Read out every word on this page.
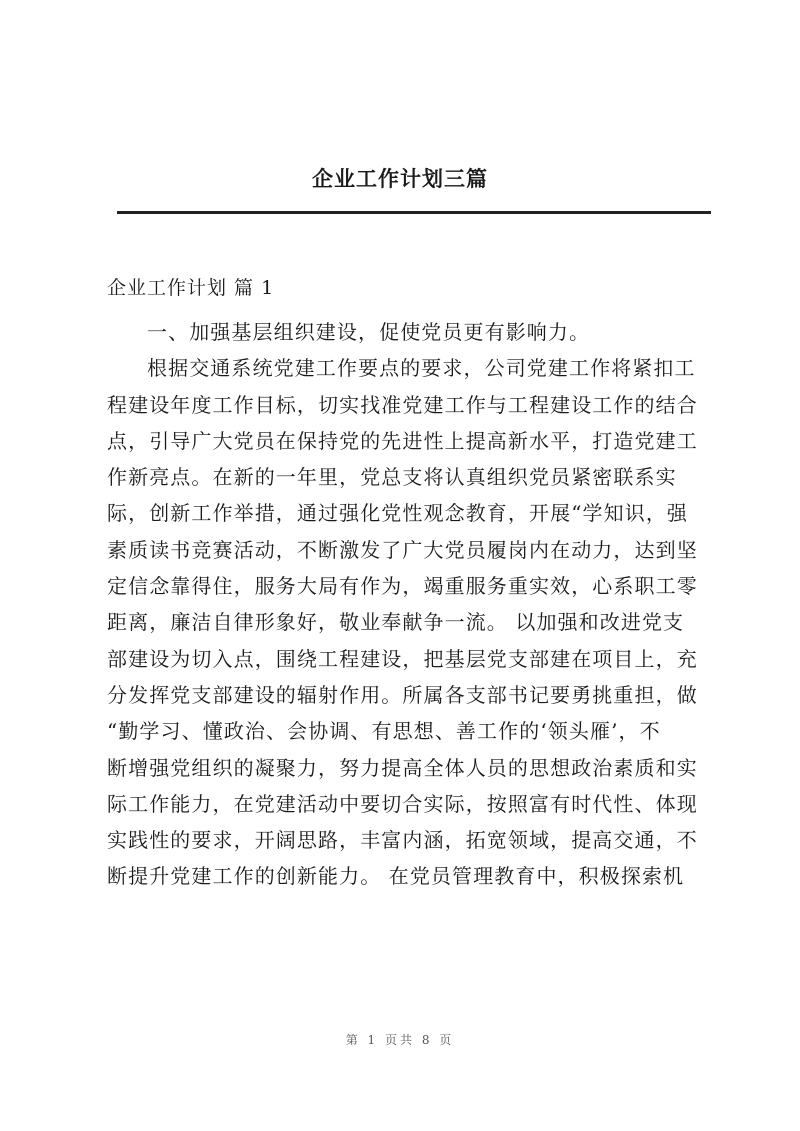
企业工作计划三篇
企业工作计划 篇 1
一、加强基层组织建设，促使党员更有影响力。
根据交通系统党建工作要点的要求，公司党建工作将紧扣工
程建设年度工作目标，切实找准党建工作与工程建设工作的结合
点，引导广大党员在保持党的先进性上提高新水平，打造党建工
作新亮点。在新的一年里，党总支将认真组织党员紧密联系实
际，创新工作举措，通过强化党性观念教育，开展“学知识，强
素质读书竞赛活动，不断激发了广大党员履岗内在动力，达到坚
定信念靠得住，服务大局有作为，竭重服务重实效，心系职工零
距离，廉洁自律形象好，敬业奉献争一流。 以加强和改进党支
部建设为切入点，围绕工程建设，把基层党支部建在项目上，充
分发挥党支部建设的辐射作用。所属各支部书记要勇挑重担，做
“勤学习、懂政治、会协调、有思想、善工作的‘领头雁’，不
断增强党组织的凝聚力，努力提高全体人员的思想政治素质和实
际工作能力，在党建活动中要切合实际，按照富有时代性、体现
实践性的要求，开阔思路，丰富内涵，拓宽领域，提高交通，不
断提升党建工作的创新能力。 在党员管理教育中，积极探索机
第 1 页共 8 页
